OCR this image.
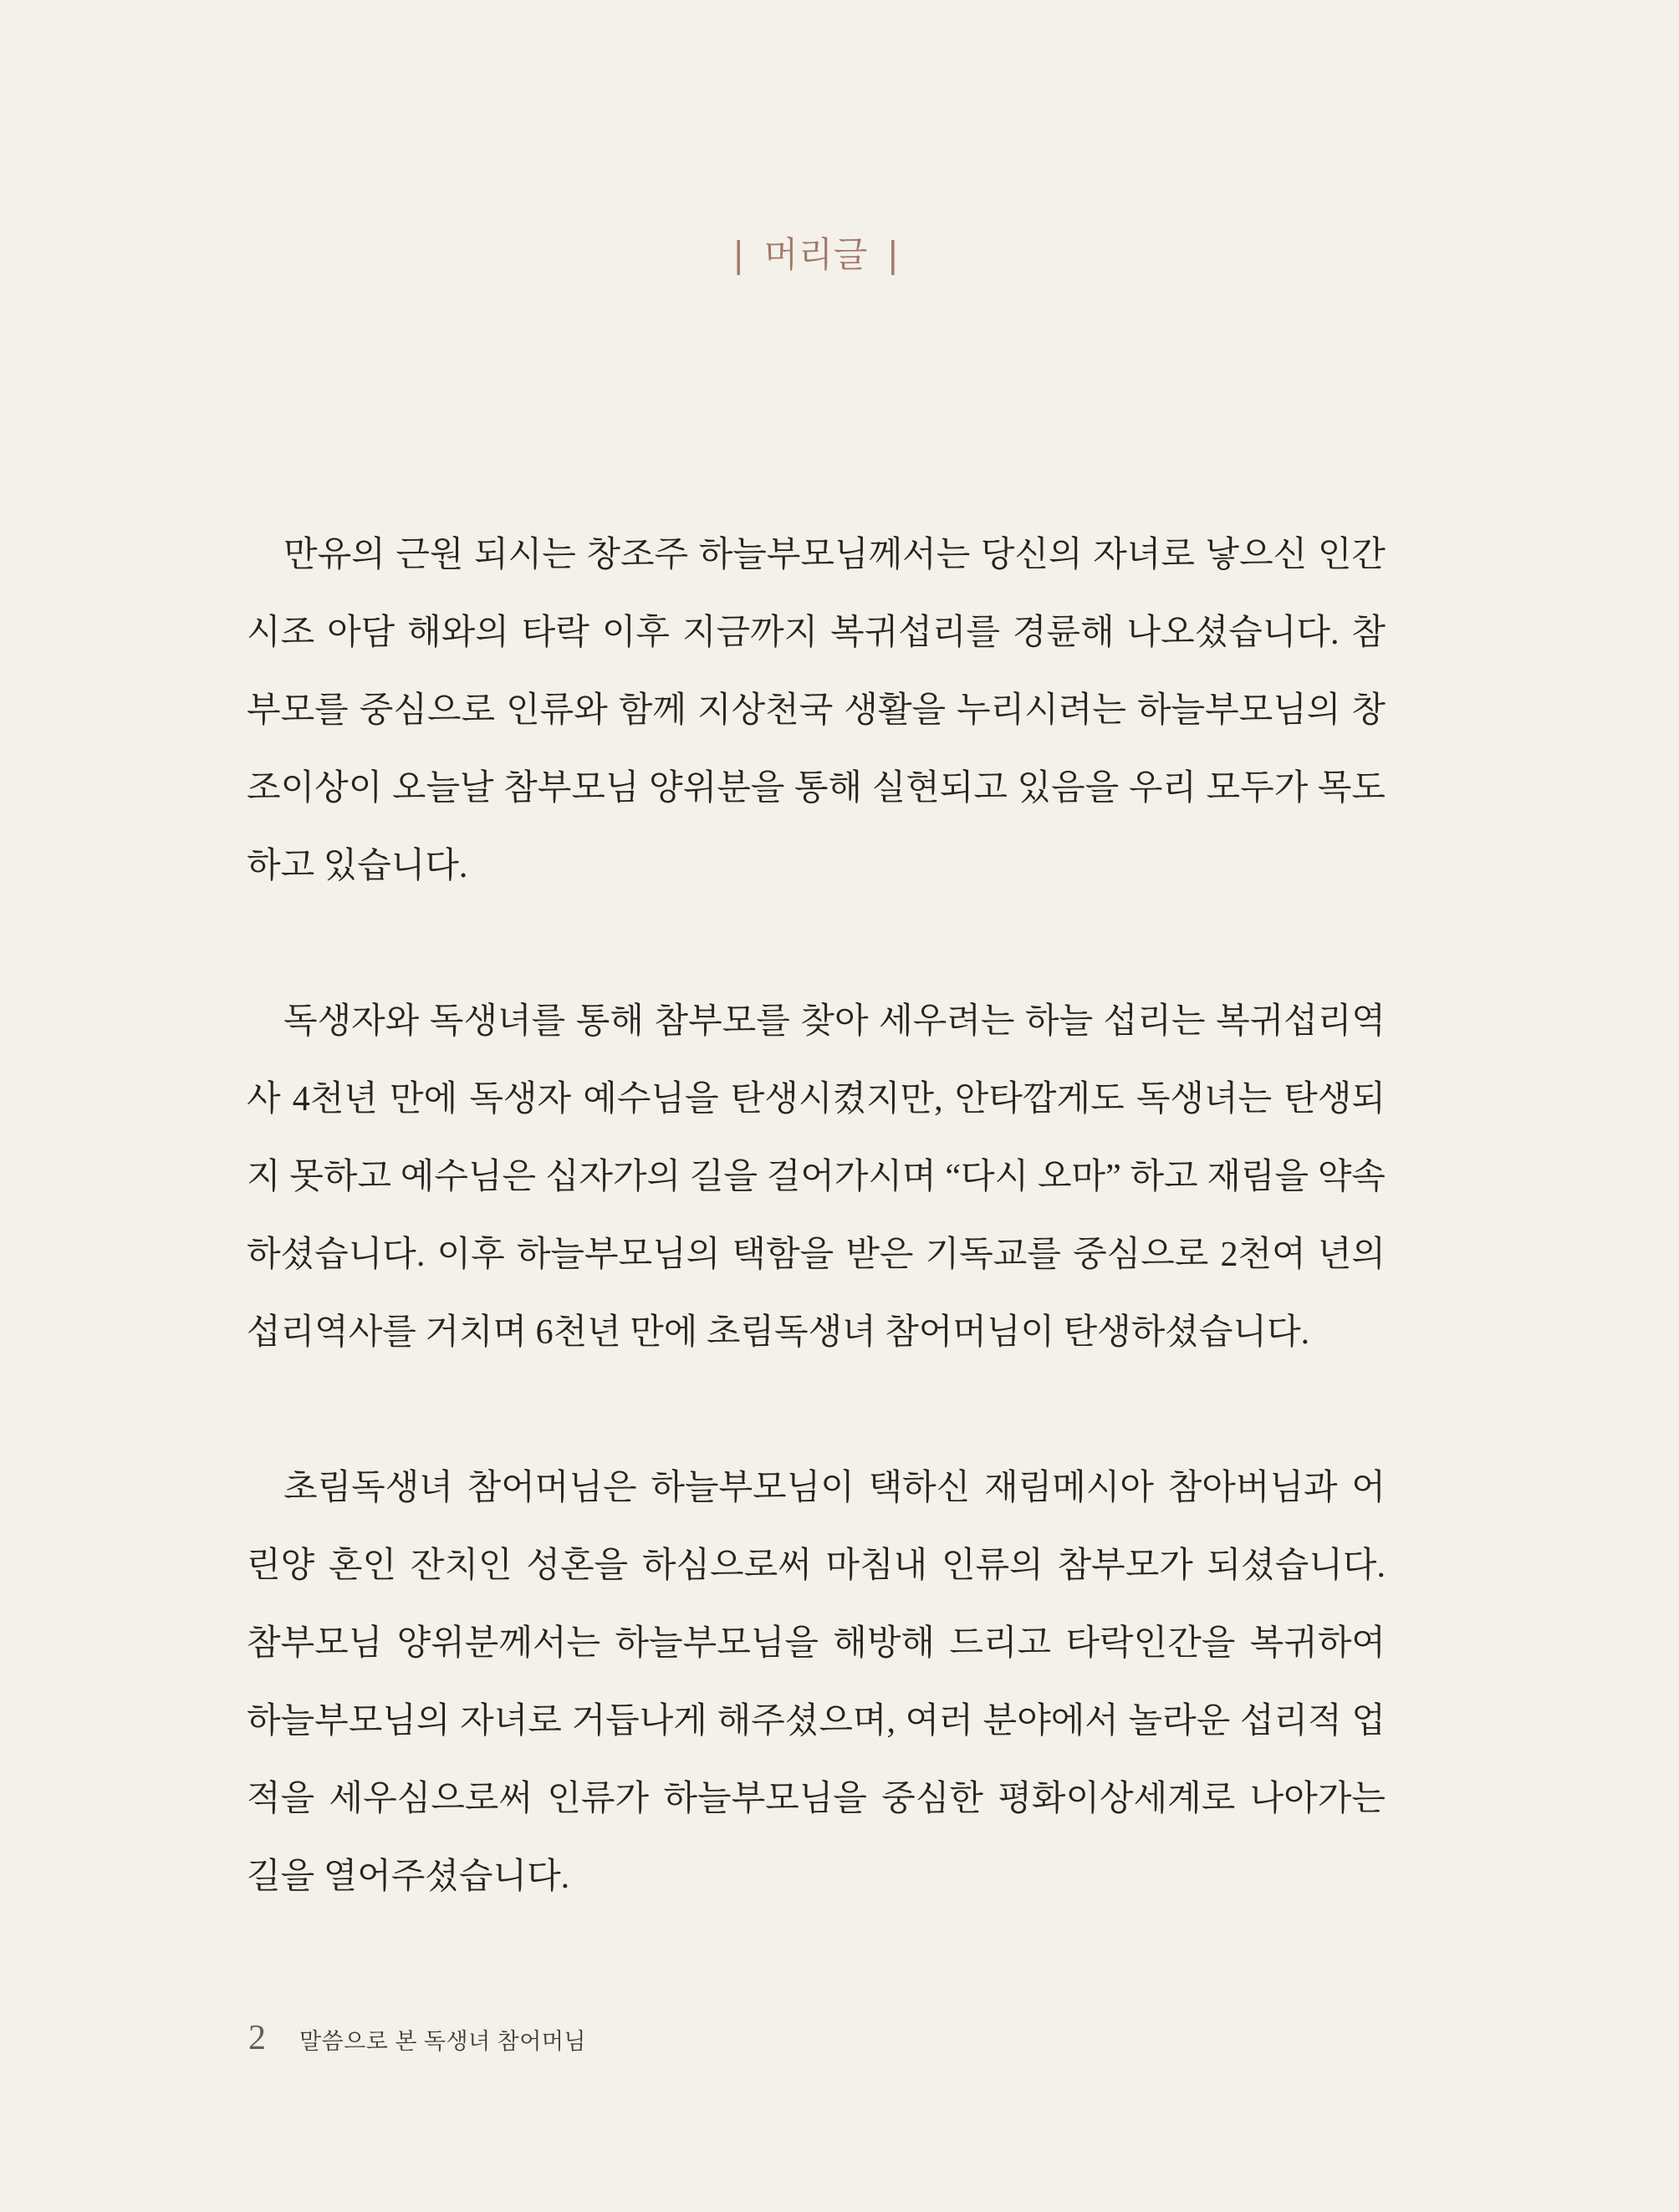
| 머리글 |

만유의 근원 되시는 창조주 하늘부모님께서는 당신의 자녀로 낳으신 인간시조 아담 해와의 타락 이후 지금까지 복귀섭리를 경륜해 나오셨습니다. 참부모를 중심으로 인류와 함께 지상천국 생활을 누리시려는 하늘부모님의 창조이상이 오늘날 참부모님 양위분을 통해 실현되고 있음을 우리 모두가 목도하고 있습니다.

독생자와 독생녀를 통해 참부모를 찾아 세우려는 하늘 섭리는 복귀섭리역사 4천년 만에 독생자 예수님을 탄생시켰지만, 안타깝게도 독생녀는 탄생되지 못하고 예수님은 십자가의 길을 걸어가시며 “다시 오마” 하고 재림을 약속하셨습니다. 이후 하늘부모님의 택함을 받은 기독교를 중심으로 2천여 년의 섭리역사를 거치며 6천년 만에 초림독생녀 참어머님이 탄생하셨습니다.

초림독생녀 참어머님은 하늘부모님이 택하신 재림메시아 참아버님과 어린양 혼인 잔치인 성혼을 하심으로써 마침내 인류의 참부모가 되셨습니다. 참부모님 양위분께서는 하늘부모님을 해방해 드리고 타락인간을 복귀하여 하늘부모님의 자녀로 거듭나게 해주셨으며, 여러 분야에서 놀라운 섭리적 업적을 세우심으로써 인류가 하늘부모님을 중심한 평화이상세계로 나아가는 길을 열어주셨습니다.

2 말씀으로 본 독생녀 참어머님
